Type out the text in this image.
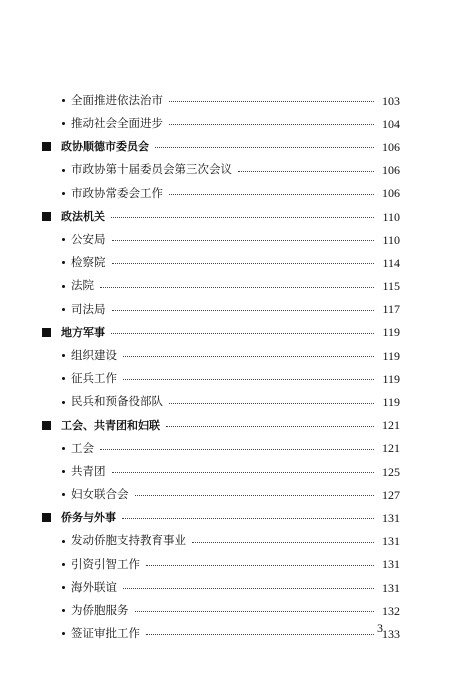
全面推进依法治市	103
推动社会全面进步	104
政协顺德市委员会	106
市政协第十届委员会第三次会议	106
市政协常委会工作	106
政法机关	110
公安局	110
检察院	114
法院	115
司法局	117
地方军事	119
组织建设	119
征兵工作	119
民兵和预备役部队	119
工会、共青团和妇联	121
工会	121
共青团	125
妇女联合会	127
侨务与外事	131
发动侨胞支持教育事业	131
引资引智工作	131
海外联谊	131
为侨胞服务	132
签证审批工作	133
3
